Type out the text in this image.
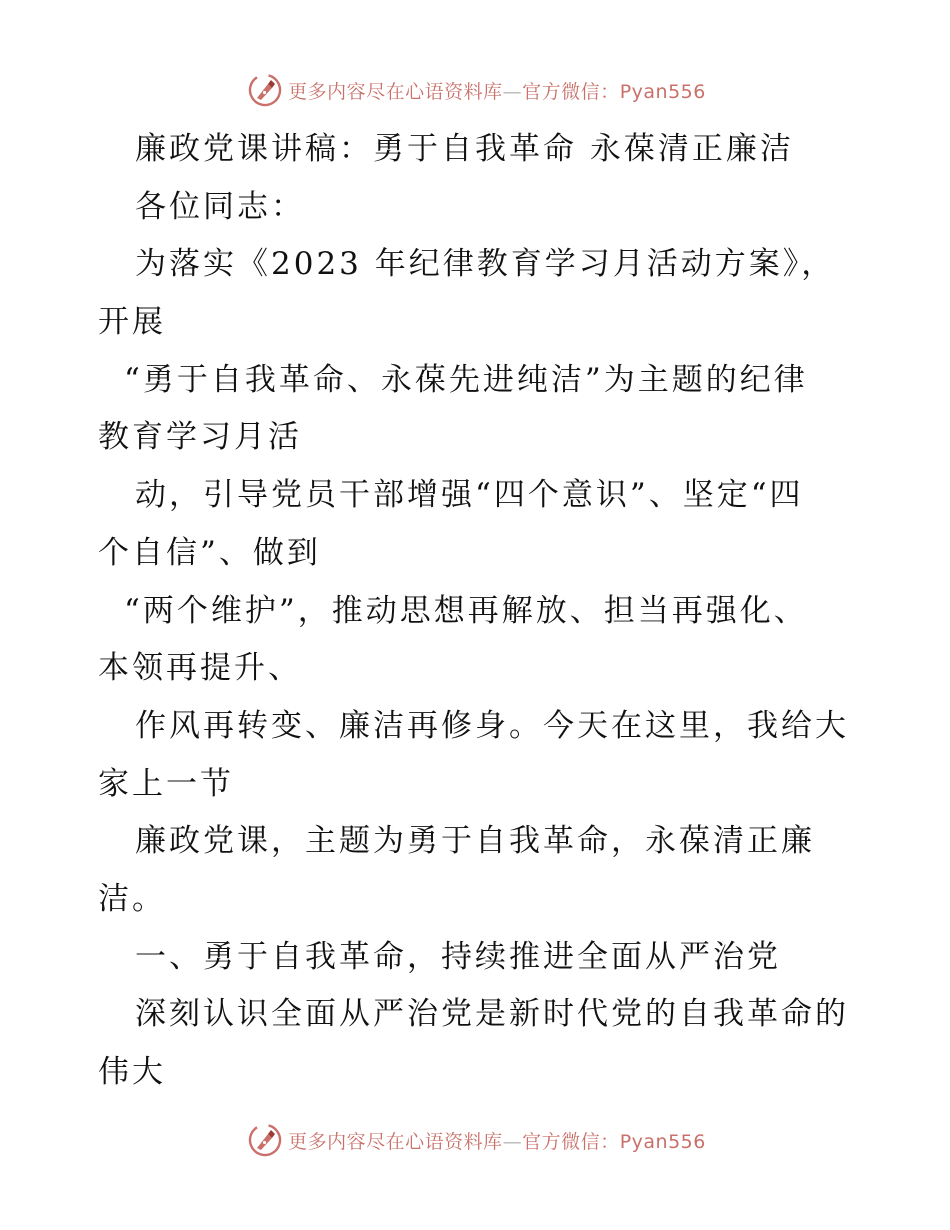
更多内容尽在心语资料库—官方微信：Pyan556
廉政党课讲稿：勇于自我革命 永葆清正廉洁
各位同志：
为落实《2023 年纪律教育学习月活动方案》，
开展
“勇于自我革命、永葆先进纯洁”为主题的纪律
教育学习月活
动，引导党员干部增强“四个意识”、坚定“四
个自信”、做到
“两个维护”，推动思想再解放、担当再强化、
本领再提升、
作风再转变、廉洁再修身。今天在这里，我给大
家上一节
廉政党课，主题为勇于自我革命，永葆清正廉
洁。
一、勇于自我革命，持续推进全面从严治党
深刻认识全面从严治党是新时代党的自我革命的
伟大
更多内容尽在心语资料库—官方微信：Pyan556
